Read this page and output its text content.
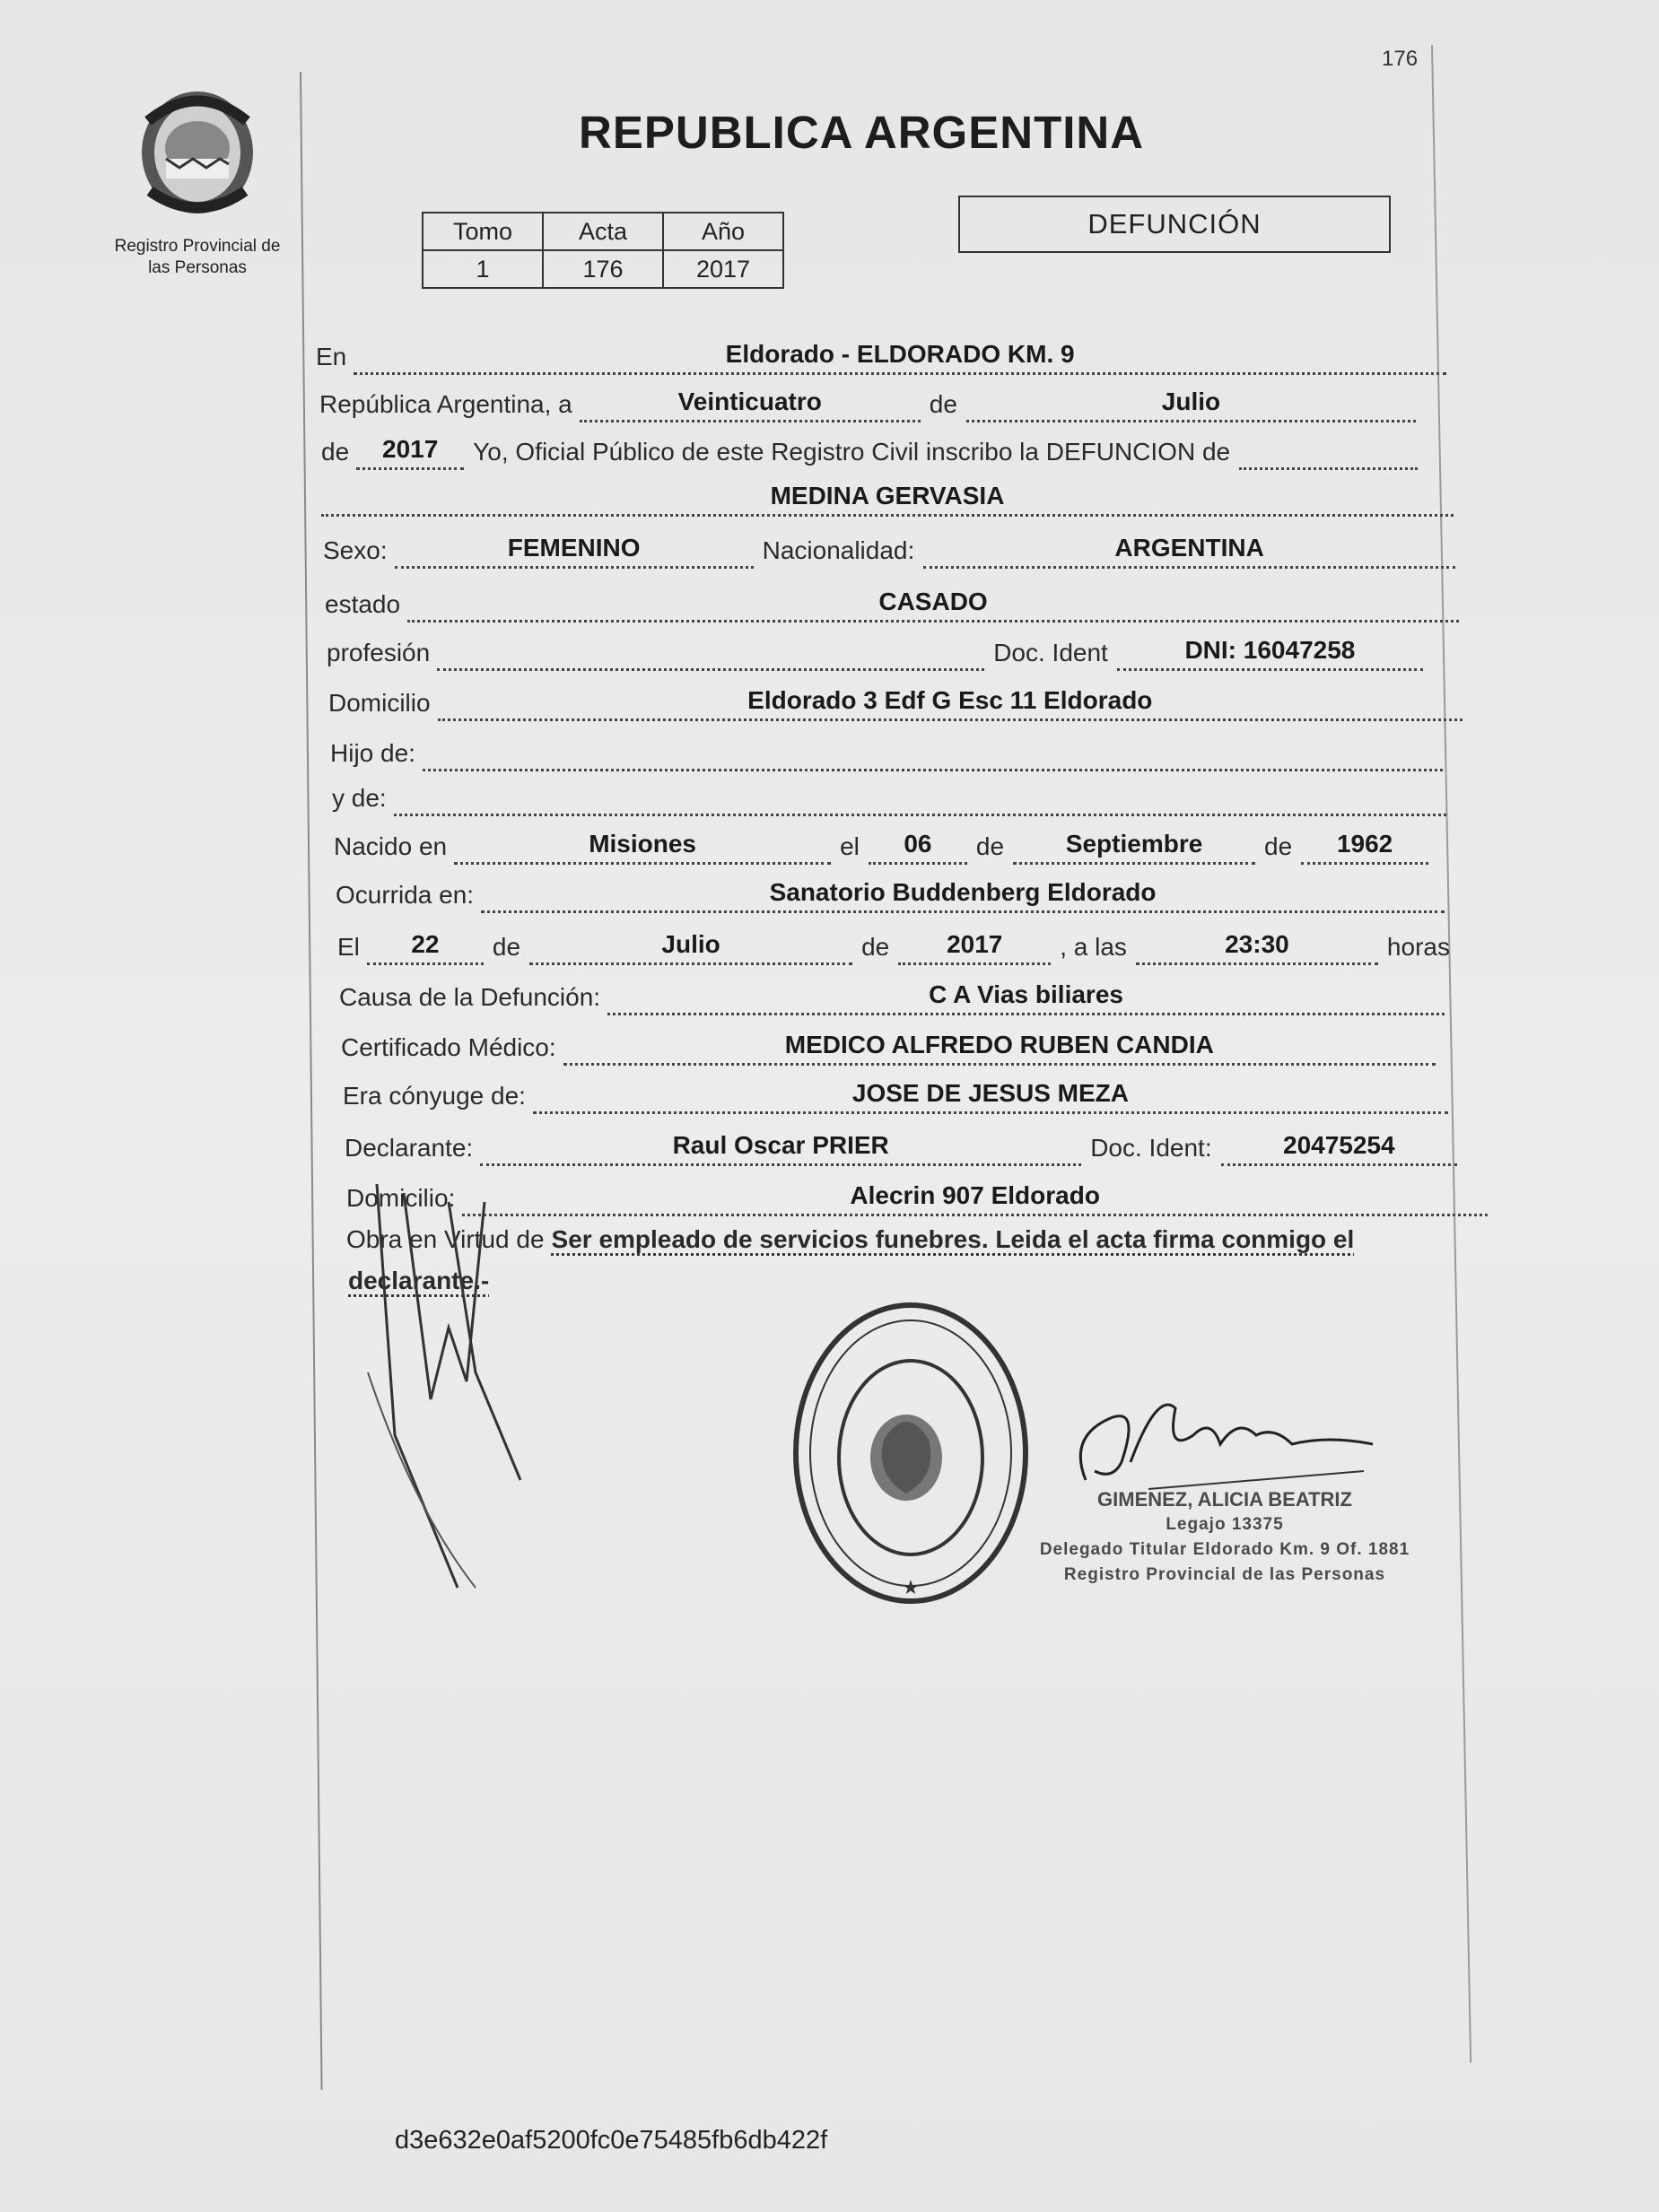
176
Registro Provincial de
las Personas
REPUBLICA ARGENTINA
Tomo	Acta	Año
1	176	2017
DEFUNCIÓN
En	Eldorado - ELDORADO KM. 9
República Argentina, a	Veinticuatro	de	Julio
de	2017	Yo, Oficial Público de este Registro Civil inscribo la DEFUNCION de
MEDINA GERVASIA
Sexo:	FEMENINO	Nacionalidad:	ARGENTINA
estado	CASADO
profesión	Doc. Ident	DNI: 16047258
Domicilio	Eldorado 3 Edf G Esc 11 Eldorado
Hijo de:
y de:
Nacido en	Misiones	el	06	de	Septiembre	de	1962
Ocurrida en:	Sanatorio Buddenberg Eldorado
El	22	de	Julio	de	2017	, a las	23:30	horas
Causa de la Defunción:	C A Vias biliares
Certificado Médico:	MEDICO ALFREDO RUBEN CANDIA
Era cónyuge de:	JOSE DE JESUS MEZA
Declarante:	Raul Oscar PRIER	Doc. Ident:	20475254
Domicilio:	Alecrin 907 Eldorado
Obra en Virtud de Ser empleado de servicios funebres. Leida el acta firma conmigo el
declarante.-
★
GIMENEZ, ALICIA BEATRIZ
Legajo 13375
Delegado Titular Eldorado Km. 9 Of. 1881
Registro Provincial de las Personas
d3e632e0af5200fc0e75485fb6db422f
